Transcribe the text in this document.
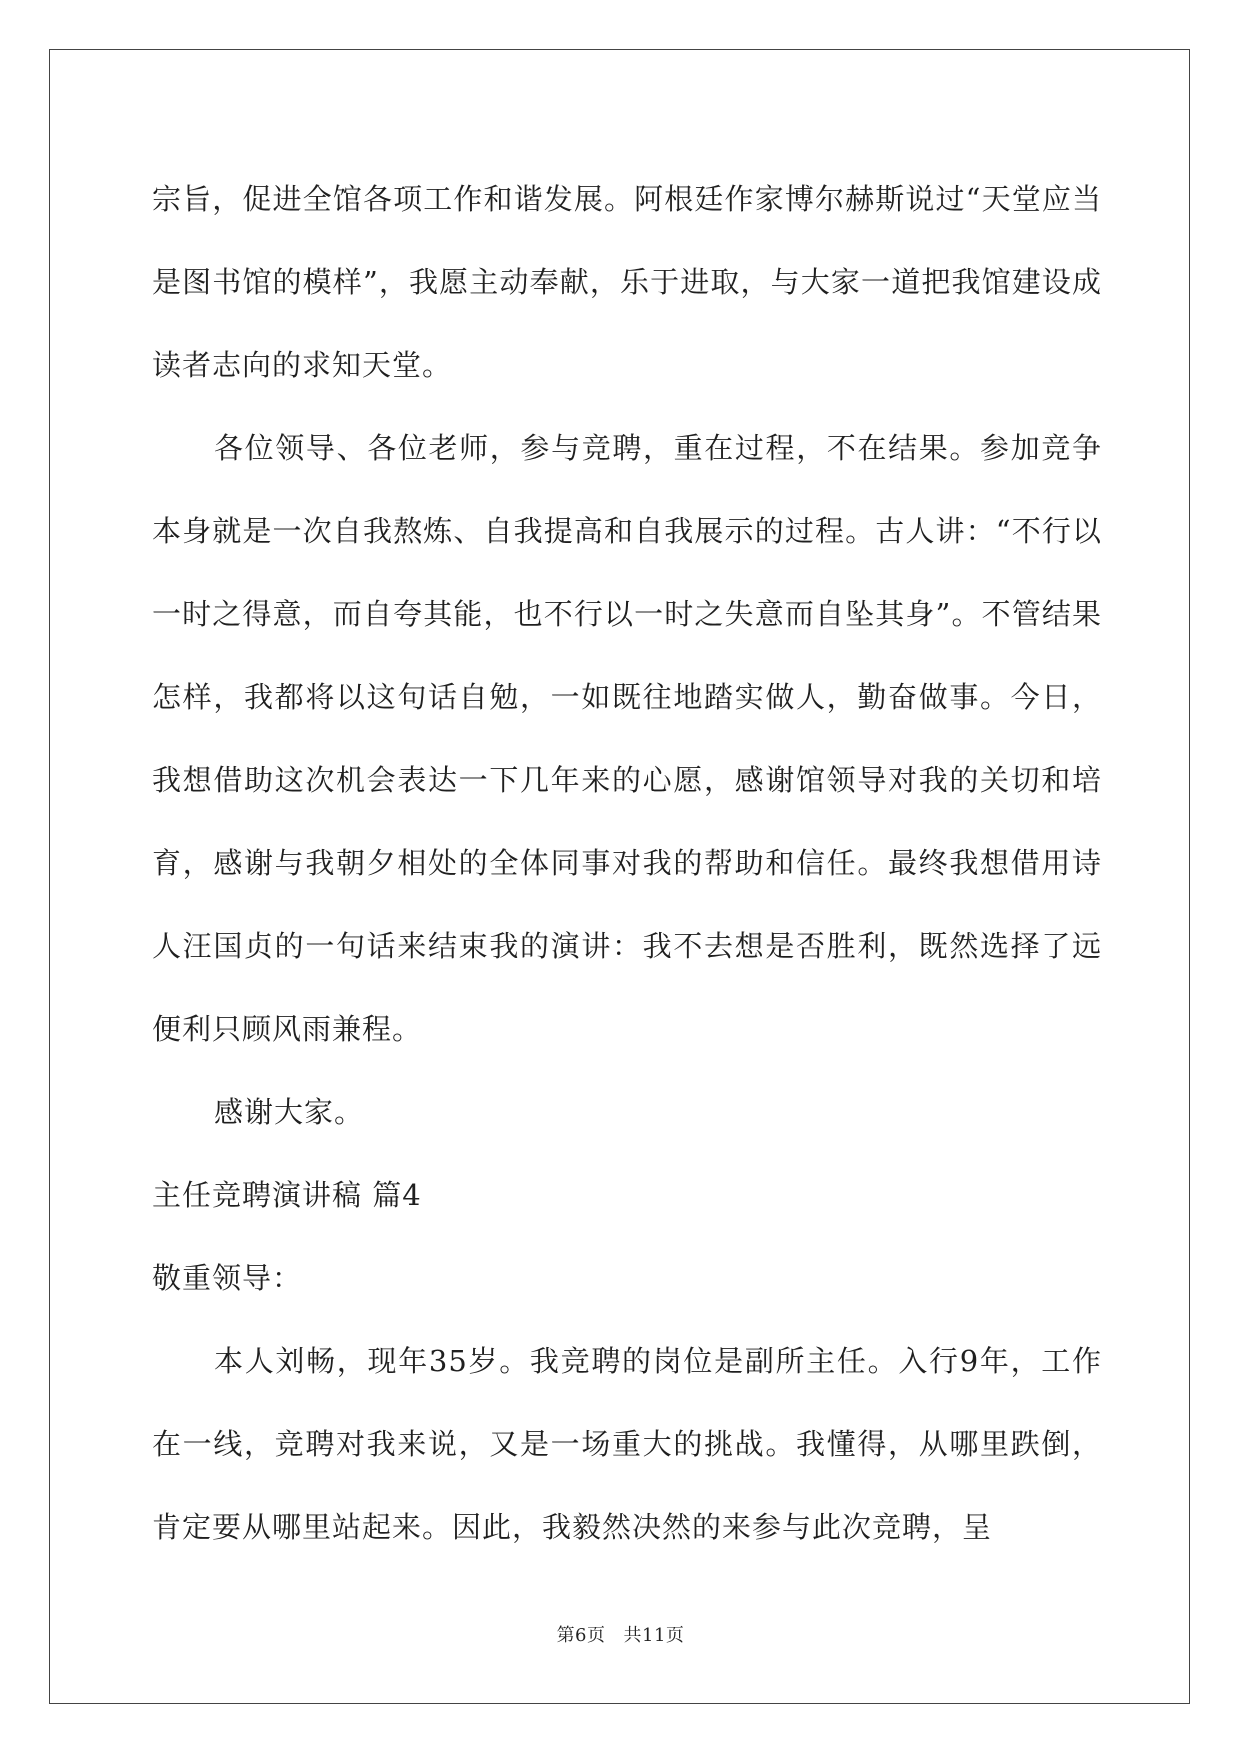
宗旨，促进全馆各项工作和谐发展。阿根廷作家博尔赫斯说过“天堂应当是图书馆的模样”，我愿主动奉献，乐于进取，与大家一道把我馆建设成读者志向的求知天堂。

各位领导、各位老师，参与竞聘，重在过程，不在结果。参加竞争本身就是一次自我熬炼、自我提高和自我展示的过程。古人讲：“不行以一时之得意，而自夸其能，也不行以一时之失意而自坠其身”。不管结果怎样，我都将以这句话自勉，一如既往地踏实做人，勤奋做事。今日，我想借助这次机会表达一下几年来的心愿，感谢馆领导对我的关切和培育，感谢与我朝夕相处的全体同事对我的帮助和信任。最终我想借用诗人汪国贞的一句话来结束我的演讲：我不去想是否胜利，既然选择了远便利只顾风雨兼程。

感谢大家。

主任竞聘演讲稿 篇4

敬重领导：

本人刘畅，现年35岁。我竞聘的岗位是副所主任。入行9年，工作在一线，竞聘对我来说，又是一场重大的挑战。我懂得，从哪里跌倒，肯定要从哪里站起来。因此，我毅然决然的来参与此次竞聘，呈

第6页 共11页
